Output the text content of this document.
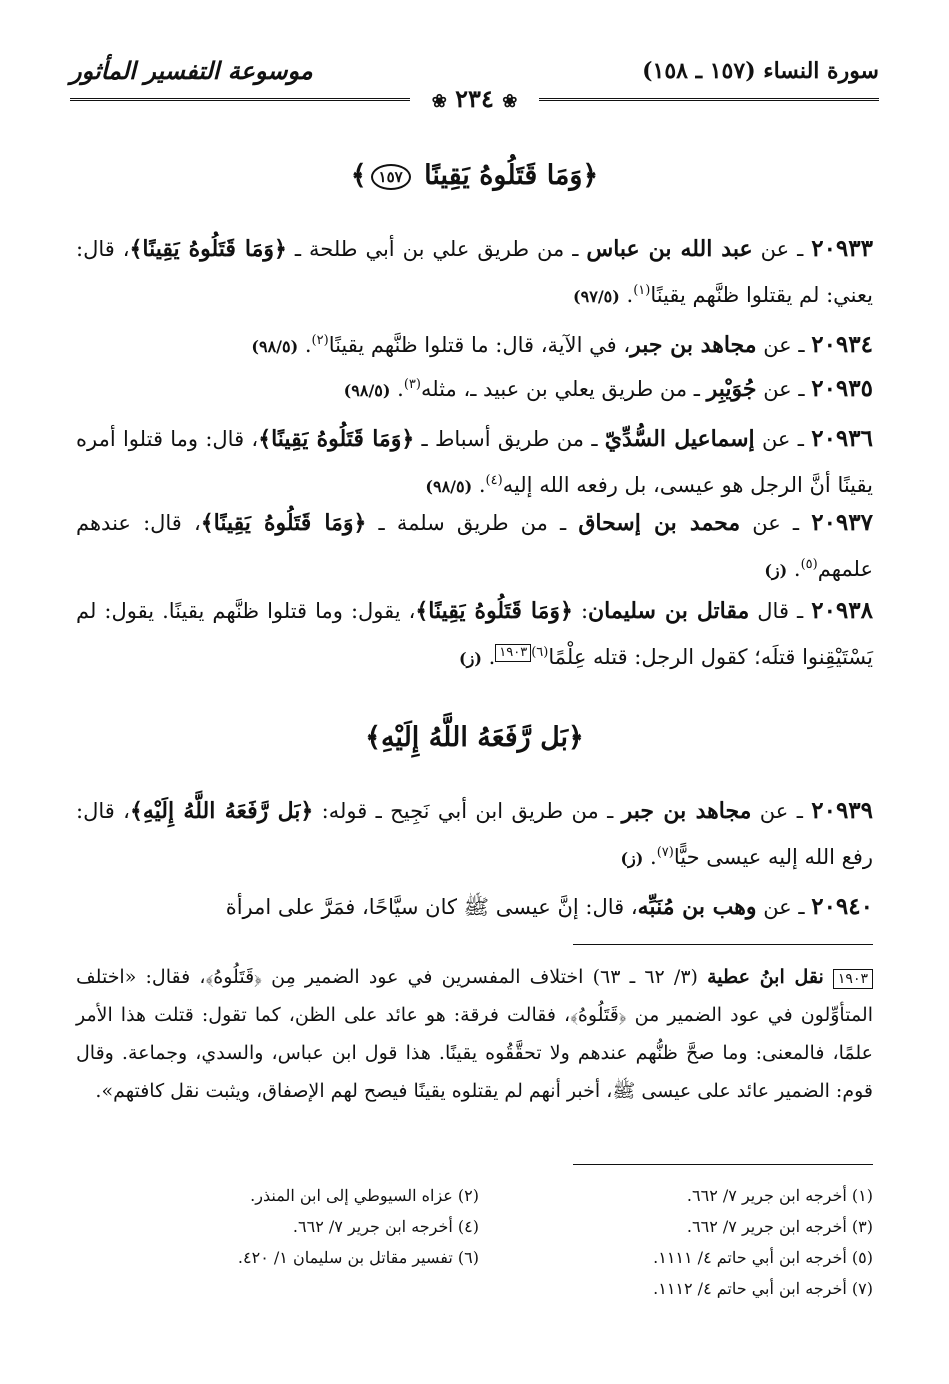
سورة النساء (١٥٧ ـ ١٥٨)
موسوعة التفسير المأثور
❀ ٢٣٤ ❀
﴿وَمَا قَتَلُوهُ يَقِينًا ١٥٧﴾
٢٠٩٣٣ ـ عن عبد الله بن عباس ـ من طريق علي بن أبي طلحة ـ ﴿وَمَا قَتَلُوهُ يَقِينًا﴾، قال: يعني: لم يقتلوا ظنَّهم يقينًا$^{(١)}$. (٩٧/٥)
٢٠٩٣٤ ـ عن مجاهد بن جبر، في الآية، قال: ما قتلوا ظنَّهم يقينًا$^{(٢)}$. (٩٨/٥)
٢٠٩٣٥ ـ عن جُوَيْبِر ـ من طريق يعلي بن عبيد ـ، مثله$^{(٣)}$. (٩٨/٥)
٢٠٩٣٦ ـ عن إسماعيل السُّدِّيّ ـ من طريق أسباط ـ ﴿وَمَا قَتَلُوهُ يَقِينًا﴾، قال: وما قتلوا أمره يقينًا أنَّ الرجل هو عيسى، بل رفعه الله إليه$^{(٤)}$. (٩٨/٥)
٢٠٩٣٧ ـ عن محمد بن إسحاق ـ من طريق سلمة ـ ﴿وَمَا قَتَلُوهُ يَقِينًا﴾، قال: عندهم علمهم$^{(٥)}$. (ز)
٢٠٩٣٨ ـ قال مقاتل بن سليمان: ﴿وَمَا قَتَلُوهُ يَقِينًا﴾، يقول: وما قتلوا ظنَّهم يقينًا. يقول: لم يَسْتَيْقِنوا قتلَه؛ كقول الرجل: قتله عِلْمًا$^{(٦)}$١٩٠٣. (ز)
﴿بَل رَّفَعَهُ اللَّهُ إِلَيْهِ﴾
٢٠٩٣٩ ـ عن مجاهد بن جبر ـ من طريق ابن أبي نَجِيح ـ قوله: ﴿بَل رَّفَعَهُ اللَّهُ إِلَيْهِ﴾، قال: رفع الله إليه عيسى حيًّا$^{(٧)}$. (ز)
٢٠٩٤٠ ـ عن وهب بن مُنَبِّه، قال: إنَّ عيسى ﷺ كان سيَّاحًا، فمَرَّ على امرأة
١٩٠٣ نقل ابنُ عطية (٣/ ٦٢ ـ ٦٣) اختلاف المفسرين في عود الضمير مِن ﴿قَتَلُوهُ﴾، فقال: «اختلف المتأوِّلون في عود الضمير من ﴿قَتَلُوهُ﴾، فقالت فرقة: هو عائد على الظن، كما تقول: قتلت هذا الأمر علمًا، فالمعنى: وما صحَّ ظنُّهم عندهم ولا تحقَّقُوه يقينًا. هذا قول ابن عباس، والسدي، وجماعة. وقال قوم: الضمير عائد على عيسى ﷺ، أخبر أنهم لم يقتلوه يقينًا فيصح لهم الإصفاق، ويثبت نقل كافتهم».
(١) أخرجه ابن جرير ٧/ ٦٦٢.
(٣) أخرجه ابن جرير ٧/ ٦٦٢.
(٥) أخرجه ابن أبي حاتم ٤/ ١١١١.
(٧) أخرجه ابن أبي حاتم ٤/ ١١١٢.
(٢) عزاه السيوطي إلى ابن المنذر.
(٤) أخرجه ابن جرير ٧/ ٦٦٢.
(٦) تفسير مقاتل بن سليمان ١/ ٤٢٠.
